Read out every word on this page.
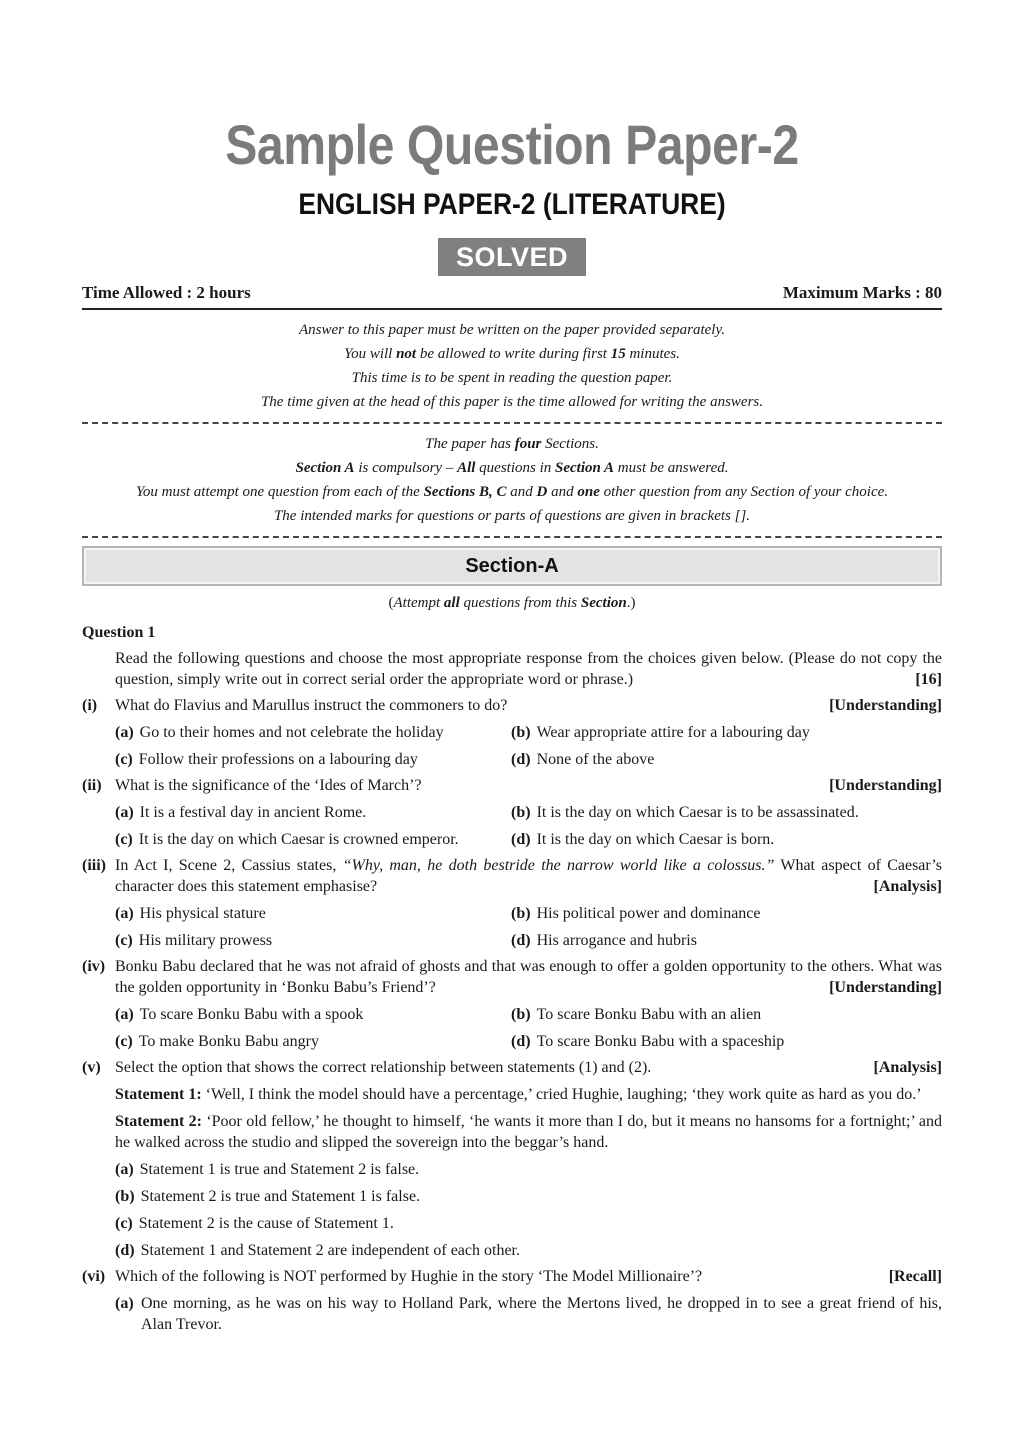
Sample Question Paper-2
ENGLISH PAPER-2 (LITERATURE)
SOLVED
Time Allowed : 2 hours	Maximum Marks : 80
Answer to this paper must be written on the paper provided separately.
You will not be allowed to write during first 15 minutes.
This time is to be spent in reading the question paper.
The time given at the head of this paper is the time allowed for writing the answers.
The paper has four Sections.
Section A is compulsory – All questions in Section A must be answered.
You must attempt one question from each of the Sections B, C and D and one other question from any Section of your choice.
The intended marks for questions or parts of questions are given in brackets [].
Section-A
(Attempt all questions from this Section.)
Question 1
Read the following questions and choose the most appropriate response from the choices given below. (Please do not copy the question, simply write out in correct serial order the appropriate word or phrase.)	[16]
(i)	What do Flavius and Marullus instruct the commoners to do?	[Understanding]
(a) Go to their homes and not celebrate the holiday	(b) Wear appropriate attire for a labouring day
(c) Follow their professions on a labouring day	(d) None of the above
(ii) What is the significance of the ‘Ides of March’?	[Understanding]
(a) It is a festival day in ancient Rome.	(b) It is the day on which Caesar is to be assassinated.
(c) It is the day on which Caesar is crowned emperor.	(d) It is the day on which Caesar is born.
(iii) In Act I, Scene 2, Cassius states, “Why, man, he doth bestride the narrow world like a colossus.” What aspect of Caesar’s character does this statement emphasise?	[Analysis]
(a) His physical stature	(b) His political power and dominance
(c) His military prowess	(d) His arrogance and hubris
(iv) Bonku Babu declared that he was not afraid of ghosts and that was enough to offer a golden opportunity to the others. What was the golden opportunity in ‘Bonku Babu’s Friend’?	[Understanding]
(a) To scare Bonku Babu with a spook	(b) To scare Bonku Babu with an alien
(c) To make Bonku Babu angry	(d) To scare Bonku Babu with a spaceship
(v) Select the option that shows the correct relationship between statements (1) and (2).	[Analysis]
Statement 1: ‘Well, I think the model should have a percentage,’ cried Hughie, laughing; ‘they work quite as hard as you do.’
Statement 2: ‘Poor old fellow,’ he thought to himself, ‘he wants it more than I do, but it means no hansoms for a fortnight;’ and he walked across the studio and slipped the sovereign into the beggar’s hand.
(a) Statement 1 is true and Statement 2 is false.
(b) Statement 2 is true and Statement 1 is false.
(c) Statement 2 is the cause of Statement 1.
(d) Statement 1 and Statement 2 are independent of each other.
(vi) Which of the following is NOT performed by Hughie in the story ‘The Model Millionaire’?	[Recall]
(a) One morning, as he was on his way to Holland Park, where the Mertons lived, he dropped in to see a great friend of his, Alan Trevor.
